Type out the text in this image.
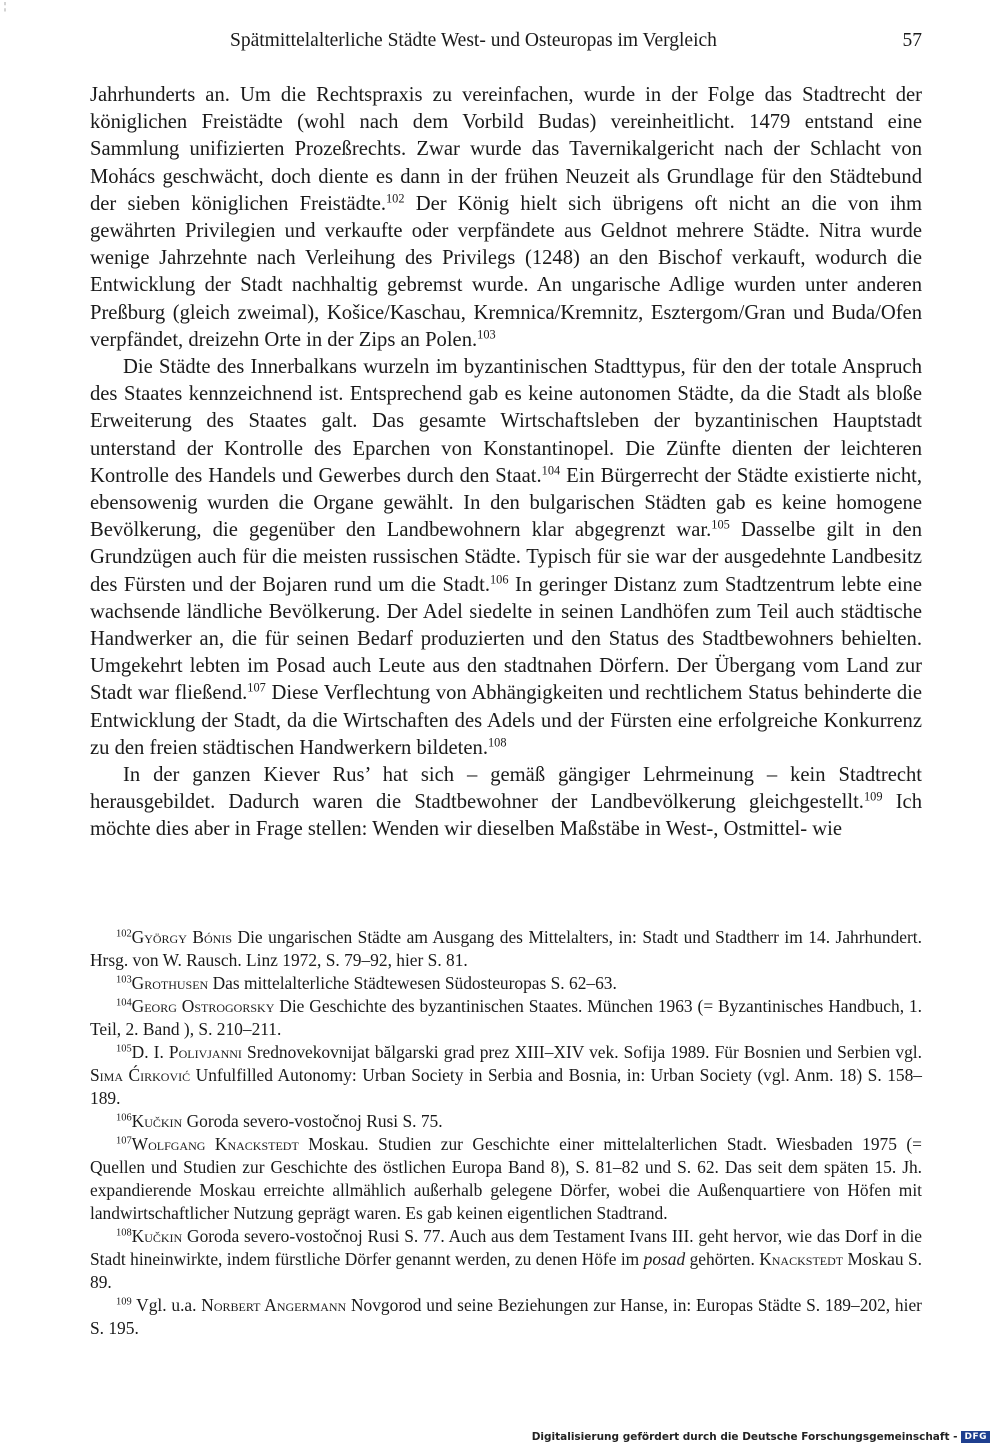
¦
Spätmittelalterliche Städte West- und Osteuropas im Vergleich	57

Jahrhunderts an. Um die Rechtspraxis zu vereinfachen, wurde in der Folge das Stadtrecht der königlichen Freistädte (wohl nach dem Vorbild Budas) vereinheitlicht. 1479 entstand eine Sammlung unifizierten Prozeßrechts. Zwar wurde das Tavernikalgericht nach der Schlacht von Mohács geschwächt, doch diente es dann in der frühen Neuzeit als Grundlage für den Städtebund der sieben königlichen Freistädte.$^{102}$ Der König hielt sich übrigens oft nicht an die von ihm gewährten Privilegien und verkaufte oder verpfändete aus Geldnot mehrere Städte. Nitra wurde wenige Jahrzehnte nach Verleihung des Privilegs (1248) an den Bischof verkauft, wodurch die Entwicklung der Stadt nachhaltig gebremst wurde. An ungarische Adlige wurden unter anderen Preßburg (gleich zweimal), Košice/Kaschau, Kremnica/Kremnitz, Esztergom/Gran und Buda/Ofen verpfändet, dreizehn Orte in der Zips an Polen.$^{103}$

Die Städte des Innerbalkans wurzeln im byzantinischen Stadttypus, für den der totale Anspruch des Staates kennzeichnend ist. Entsprechend gab es keine autonomen Städte, da die Stadt als bloße Erweiterung des Staates galt. Das gesamte Wirtschaftsleben der byzantinischen Hauptstadt unterstand der Kontrolle des Eparchen von Konstantinopel. Die Zünfte dienten der leichteren Kontrolle des Handels und Gewerbes durch den Staat.$^{104}$ Ein Bürgerrecht der Städte existierte nicht, ebensowenig wurden die Organe gewählt. In den bulgarischen Städten gab es keine homogene Bevölkerung, die gegenüber den Landbewohnern klar abgegrenzt war.$^{105}$ Dasselbe gilt in den Grundzügen auch für die meisten russischen Städte. Typisch für sie war der ausgedehnte Landbesitz des Fürsten und der Bojaren rund um die Stadt.$^{106}$ In geringer Distanz zum Stadtzentrum lebte eine wachsende ländliche Bevölkerung. Der Adel siedelte in seinen Landhöfen zum Teil auch städtische Handwerker an, die für seinen Bedarf produzierten und den Status des Stadtbewohners behielten. Umgekehrt lebten im Posad auch Leute aus den stadtnahen Dörfern. Der Übergang vom Land zur Stadt war fließend.$^{107}$ Diese Verflechtung von Abhängigkeiten und rechtlichem Status behinderte die Entwicklung der Stadt, da die Wirtschaften des Adels und der Fürsten eine erfolgreiche Konkurrenz zu den freien städtischen Handwerkern bildeten.$^{108}$

In der ganzen Kiever Rus’ hat sich – gemäß gängiger Lehrmeinung – kein Stadtrecht herausgebildet. Dadurch waren die Stadtbewohner der Landbevölkerung gleichgestellt.$^{109}$ Ich möchte dies aber in Frage stellen: Wenden wir dieselben Maßstäbe in West-, Ostmittel- wie

$^{102}$György Bónis Die ungarischen Städte am Ausgang des Mittelalters, in: Stadt und Stadtherr im 14. Jahrhundert. Hrsg. von W. Rausch. Linz 1972, S. 79–92, hier S. 81.

$^{103}$Grothusen Das mittelalterliche Städtewesen Südosteuropas S. 62–63.

$^{104}$Georg Ostrogorsky Die Geschichte des byzantinischen Staates. München 1963 (= Byzantinisches Handbuch, 1. Teil, 2. Band ), S. 210–211.

$^{105}$D. I. Polivjanni Srednovekovnijat bălgarski grad prez XIII–XIV vek. Sofija 1989. Für Bosnien und Serbien vgl. Sima Ćirković Unfulfilled Autonomy: Urban Society in Serbia and Bosnia, in: Urban Society (vgl. Anm. 18) S. 158–189.

$^{106}$Kučkin Goroda severo-vostočnoj Rusi S. 75.

$^{107}$Wolfgang Knackstedt Moskau. Studien zur Geschichte einer mittelalterlichen Stadt. Wiesbaden 1975 (= Quellen und Studien zur Geschichte des östlichen Europa Band 8), S. 81–82 und S. 62. Das seit dem späten 15. Jh. expandierende Moskau erreichte allmählich außerhalb gelegene Dörfer, wobei die Außenquartiere von Höfen mit landwirtschaftlicher Nutzung geprägt waren. Es gab keinen eigentlichen Stadtrand.

$^{108}$Kučkin Goroda severo-vostočnoj Rusi S. 77. Auch aus dem Testament Ivans III. geht hervor, wie das Dorf in die Stadt hineinwirkte, indem fürstliche Dörfer genannt werden, zu denen Höfe im posad gehörten. Knackstedt Moskau S. 89.

$^{109}$ Vgl. u.a. Norbert Angermann Novgorod und seine Beziehungen zur Hanse, in: Europas Städte S. 189–202, hier S. 195.

Digitalisierung gefördert durch die Deutsche Forschungsgemeinschaft - DFG
